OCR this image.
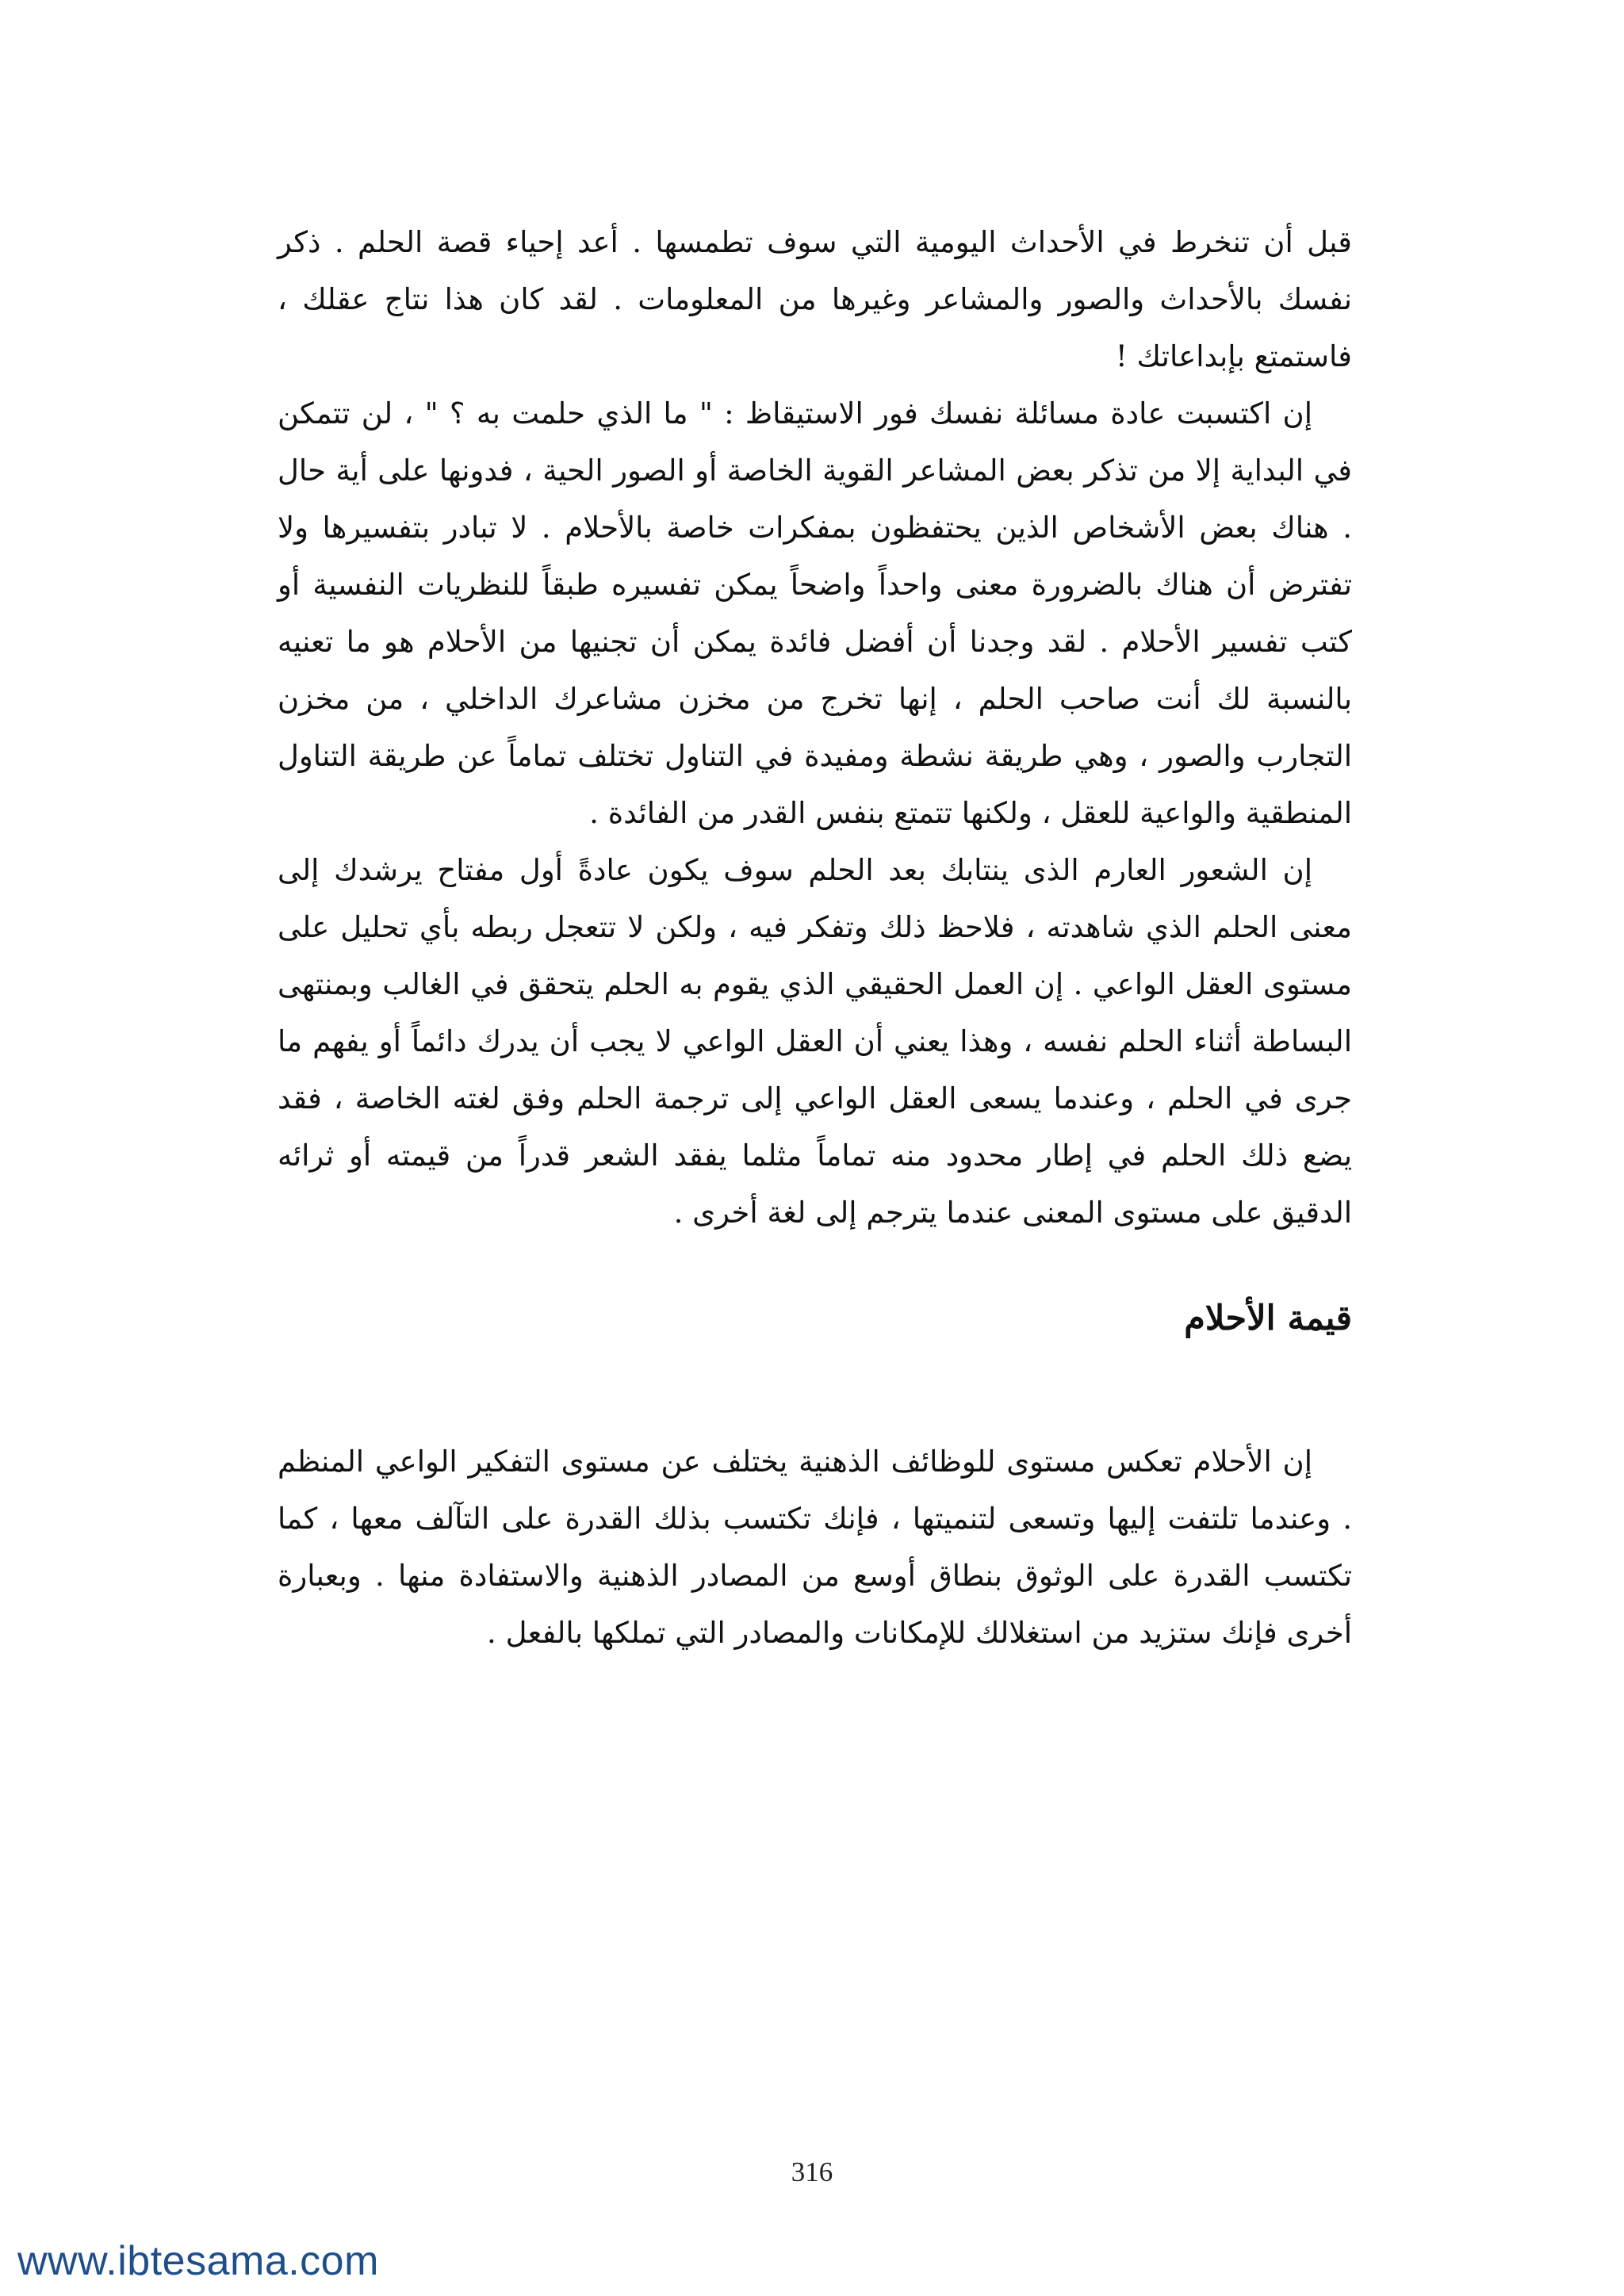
قبل أن تنخرط في الأحداث اليومية التي سوف تطمسها . أعد إحياء قصة الحلم . ذكر نفسك بالأحداث والصور والمشاعر وغيرها من المعلومات . لقد كان هذا نتاج عقلك ، فاستمتع بإبداعاتك !

إن اكتسبت عادة مسائلة نفسك فور الاستيقاظ : " ما الذي حلمت به ؟ " ، لن تتمكن في البداية إلا من تذكر بعض المشاعر القوية الخاصة أو الصور الحية ، فدونها على أية حال . هناك بعض الأشخاص الذين يحتفظون بمفكرات خاصة بالأحلام . لا تبادر بتفسيرها ولا تفترض أن هناك بالضرورة معنى واحداً واضحاً يمكن تفسيره طبقاً للنظريات النفسية أو كتب تفسير الأحلام . لقد وجدنا أن أفضل فائدة يمكن أن تجنيها من الأحلام هو ما تعنيه بالنسبة لك أنت صاحب الحلم ، إنها تخرج من مخزن مشاعرك الداخلي ، من مخزن التجارب والصور ، وهي طريقة نشطة ومفيدة في التناول تختلف تماماً عن طريقة التناول المنطقية والواعية للعقل ، ولكنها تتمتع بنفس القدر من الفائدة .

إن الشعور العارم الذى ينتابك بعد الحلم سوف يكون عادةً أول مفتاح يرشدك إلى معنى الحلم الذي شاهدته ، فلاحظ ذلك وتفكر فيه ، ولكن لا تتعجل ربطه بأي تحليل على مستوى العقل الواعي . إن العمل الحقيقي الذي يقوم به الحلم يتحقق في الغالب وبمنتهى البساطة أثناء الحلم نفسه ، وهذا يعني أن العقل الواعي لا يجب أن يدرك دائماً أو يفهم ما جرى في الحلم ، وعندما يسعى العقل الواعي إلى ترجمة الحلم وفق لغته الخاصة ، فقد يضع ذلك الحلم في إطار محدود منه تماماً مثلما يفقد الشعر قدراً من قيمته أو ثرائه الدقيق على مستوى المعنى عندما يترجم إلى لغة أخرى .

قيمة الأحلام

إن الأحلام تعكس مستوى للوظائف الذهنية يختلف عن مستوى التفكير الواعي المنظم . وعندما تلتفت إليها وتسعى لتنميتها ، فإنك تكتسب بذلك القدرة على التآلف معها ، كما تكتسب القدرة على الوثوق بنطاق أوسع من المصادر الذهنية والاستفادة منها . وبعبارة أخرى فإنك ستزيد من استغلالك للإمكانات والمصادر التي تملكها بالفعل .

316
www.ibtesama.com
